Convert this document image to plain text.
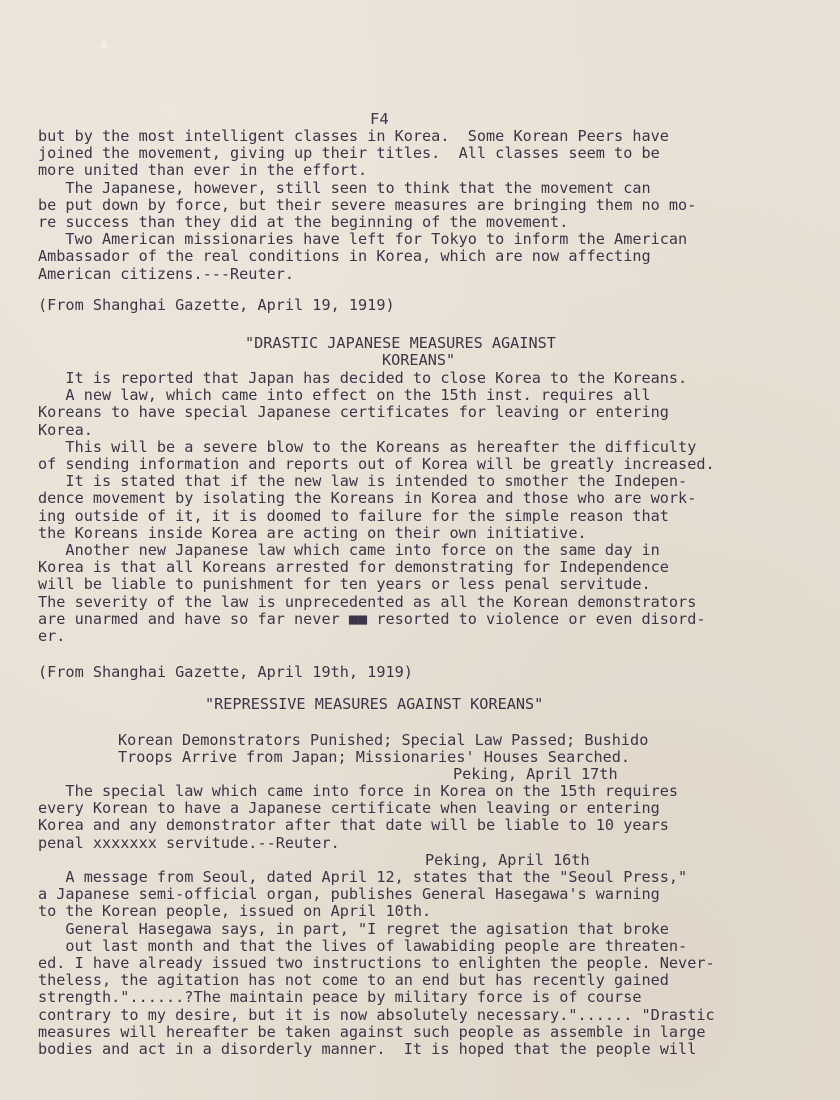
F4
but by the most intelligent classes in Korea.  Some Korean Peers have
joined the movement, giving up their titles.  All classes seem to be
more united than ever in the effort.
The Japanese, however, still seen to think that the movement can
be put down by force, but their severe measures are bringing them no mo-
re success than they did at the beginning of the movement.
Two American missionaries have left for Tokyo to inform the American
Ambassador of the real conditions in Korea, which are now affecting
American citizens.---Reuter.
(From Shanghai Gazette, April 19, 1919)
"DRASTIC JAPANESE MEASURES AGAINST
KOREANS"
It is reported that Japan has decided to close Korea to the Koreans.
A new law, which came into effect on the 15th inst. requires all
Koreans to have special Japanese certificates for leaving or entering
Korea.
This will be a severe blow to the Koreans as hereafter the difficulty
of sending information and reports out of Korea will be greatly increased.
It is stated that if the new law is intended to smother the Indepen-
dence movement by isolating the Koreans in Korea and those who are work-
ing outside of it, it is doomed to failure for the simple reason that
the Koreans inside Korea are acting on their own initiative.
Another new Japanese law which came into force on the same day in
Korea is that all Koreans arrested for demonstrating for Independence
will be liable to punishment for ten years or less penal servitude.
The severity of the law is unprecedented as all the Korean demonstrators
are unarmed and have so far never ■■ resorted to violence or even disord-
er.
(From Shanghai Gazette, April 19th, 1919)
"REPRESSIVE MEASURES AGAINST KOREANS"
Korean Demonstrators Punished; Special Law Passed; Bushido
Troops Arrive from Japan; Missionaries' Houses Searched.
Peking, April 17th
The special law which came into force in Korea on the 15th requires
every Korean to have a Japanese certificate when leaving or entering
Korea and any demonstrator after that date will be liable to 10 years
penal xxxxxxx servitude.--Reuter.
Peking, April 16th
A message from Seoul, dated April 12, states that the "Seoul Press,"
a Japanese semi-official organ, publishes General Hasegawa's warning
to the Korean people, issued on April 10th.
General Hasegawa says, in part, "I regret the agisation that broke
out last month and that the lives of lawabiding people are threaten-
ed. I have already issued two instructions to enlighten the people. Never-
theless, the agitation has not come to an end but has recently gained
strength."......?The maintain peace by military force is of course
contrary to my desire, but it is now absolutely necessary."...... "Drastic
measures will hereafter be taken against such people as assemble in large
bodies and act in a disorderly manner.  It is hoped that the people will
